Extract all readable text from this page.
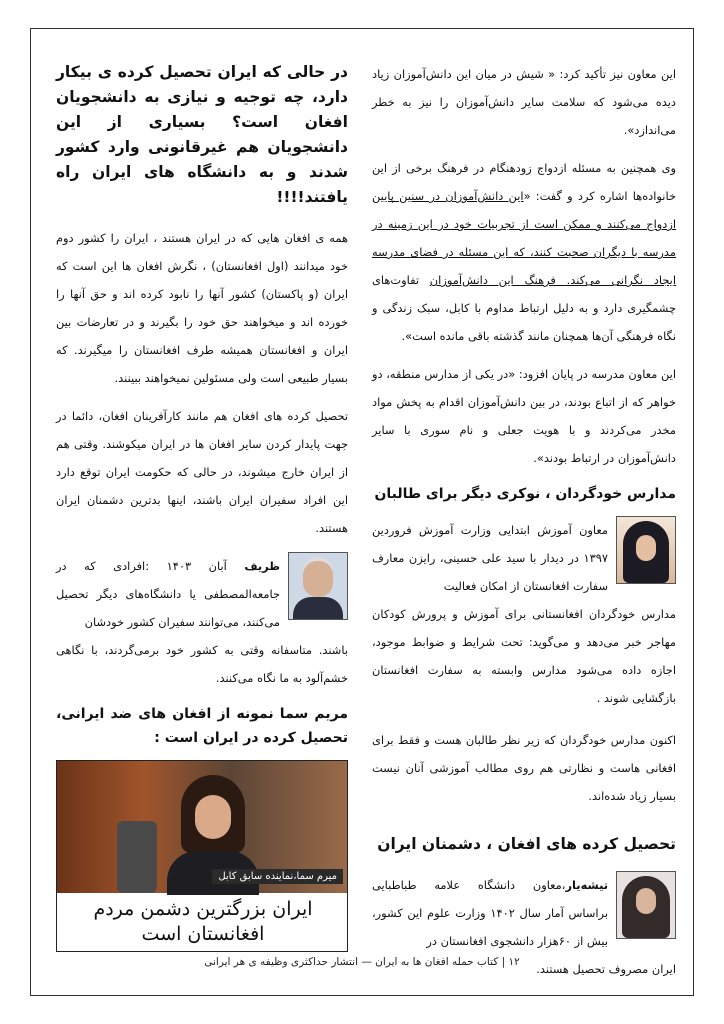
این معاون نیز تأکید کرد: « شیش در میان این دانش‌آموزان زیاد دیده می‌شود که سلامت سایر دانش‌آموزان را نیز به خطر می‌اندازد».

وی همچنین به مسئله ازدواج زودهنگام در فرهنگ برخی از این خانواده‌ها اشاره کرد و گفت: «این دانش‌آموزان در سنین پایین ازدواج می‌کنند و ممکن است از تجربیات خود در این زمینه در مدرسه با دیگران صحبت کنند، که این مسئله در فضای مدرسه ایجاد نگرانی می‌کند. فرهنگ این دانش‌آموزان تفاوت‌های چشمگیری دارد و به دلیل ارتباط مداوم با کابل، سبک زندگی و نگاه فرهنگی آن‌ها همچنان مانند گذشته باقی مانده است».

این معاون مدرسه در پایان افزود: «در یکی از مدارس منطقه، دو خواهر که از اتباع بودند، در بین دانش‌آموزان اقدام به پخش مواد مخدر می‌کردند و با هویت جعلی و نام سوری با سایر دانش‌آموزان در ارتباط بودند».

مدارس خودگردان ، نوکری دیگر برای طالبان

معاون آموزش ابتدایی وزارت آموزش فروردین ۱۳۹۷ در دیدار با سید علی حسینی، رایزن معارف سفارت افغانستان از امکان فعالیت

مدارس خودگردان افغانستانی برای آموزش و پرورش کودکان مهاجر خبر می‌دهد و می‌گوید: تحت شرایط و ضوابط موجود، اجازه داده می‌شود مدارس وابسته به سفارت افغانستان بازگشایی شوند .

اکنون مدارس خودگردان که زیر نظر طالبان هست و فقط برای افغانی هاست و نظارتی هم روی مطالب آموزشی آنان نیست بسیار زیاد شده‌اند.

تحصیل کرده های افغان ، دشمنان ایران

تیشه‌یار،معاون دانشگاه علامه طباطبایی براساس آمار سال ۱۴۰۲ وزارت علوم این کشور، بیش از ۶۰هزار دانشجوی افغانستان در

ایران مصروف تحصیل هستند.

در حالی که ایران تحصیل کرده ی بیکار دارد، چه توجیه و نیازی به دانشجویان افغان است؟ بسیاری از این دانشجویان هم غیرقانونی وارد کشور شدند و به دانشگاه های ایران راه یافتند!!!!

همه ی افغان هایی که در ایران هستند ، ایران را کشور دوم خود میدانند (اول افغانستان) ، نگرش افغان ها این است که ایران (و پاکستان) کشور آنها را نابود کرده اند و حق آنها را خورده اند و میخواهند حق خود را بگیرند و در تعارضات بین ایران و افغانستان همیشه طرف افغانستان را میگیرند. که بسیار طبیعی است ولی مسئولین نمیخواهند ببینند.

تحصیل کرده های افغان هم مانند کارآفرینان افغان، دائما در جهت پایدار کردن سایر افغان ها در ایران میکوشند. وقتی هم از ایران خارج میشوند، در حالی که حکومت ایران توقع دارد این افراد سفیران ایران باشند، اینها بدترین دشمنان ایران هستند.

ظریف آبان ۱۴۰۳ :افرادی که در جامعه‌المصطفی یا دانشگاه‌های دیگر تحصیل می‌کنند، می‌توانند سفیران کشور خودشان

باشند. متاسفانه وقتی به کشور خود برمی‌گردند، با نگاهی خشم‌آلود به ما نگاه می‌کنند.

مریم سما نمونه از افغان های ضد ایرانی، تحصیل کرده در ایران است :

میرم سما،نماینده سابق کابل
ایران بزرگترین دشمن مردم افغانستان است
۱۲ | کتاب حمله افغان ها به ایران — انتشار حداکثری وظیفه ی هر ایرانی
